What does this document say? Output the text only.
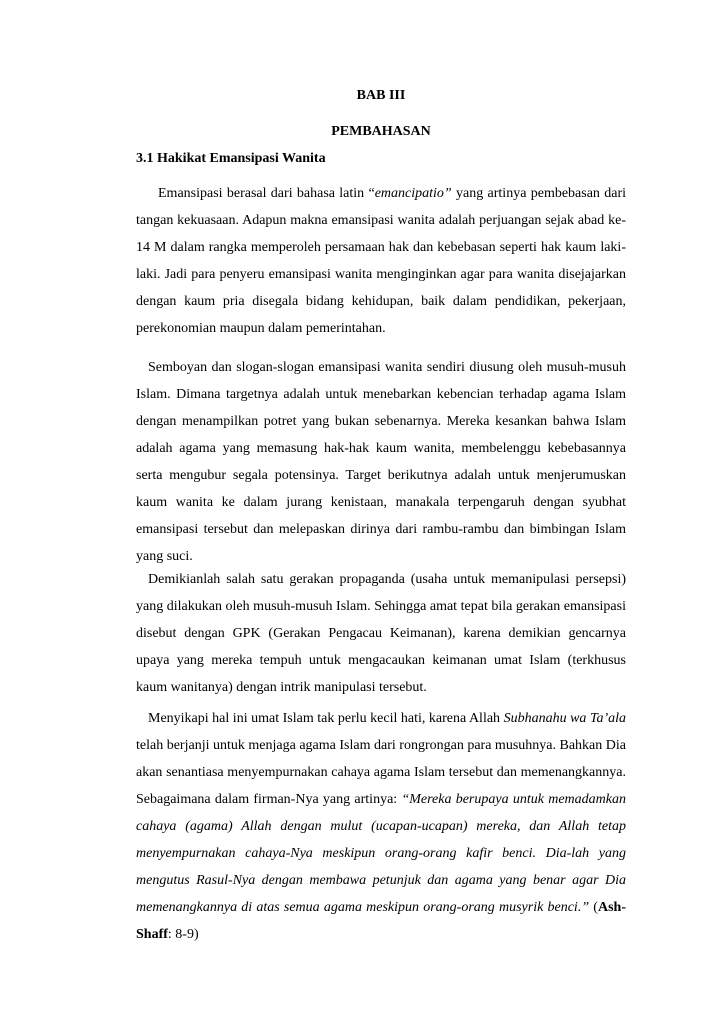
BAB III
PEMBAHASAN
3.1 Hakikat Emansipasi Wanita

Emansipasi berasal dari bahasa latin “emancipatio” yang artinya pembebasan dari tangan kekuasaan. Adapun makna emansipasi wanita adalah perjuangan sejak abad ke-14 M dalam rangka memperoleh persamaan hak dan kebebasan seperti hak kaum laki-laki. Jadi para penyeru emansipasi wanita menginginkan agar para wanita disejajarkan dengan kaum pria disegala bidang kehidupan, baik dalam pendidikan, pekerjaan, perekonomian maupun dalam pemerintahan.

Semboyan dan slogan-slogan emansipasi wanita sendiri diusung oleh musuh-musuh Islam. Dimana targetnya adalah untuk menebarkan kebencian terhadap agama Islam dengan menampilkan potret yang bukan sebenarnya. Mereka kesankan bahwa Islam adalah agama yang memasung hak-hak kaum wanita, membelenggu kebebasannya serta mengubur segala potensinya. Target berikutnya adalah untuk menjerumuskan kaum wanita ke dalam jurang kenistaan, manakala terpengaruh dengan syubhat emansipasi tersebut dan melepaskan dirinya dari rambu-rambu dan bimbingan Islam yang suci.

Demikianlah salah satu gerakan propaganda (usaha untuk memanipulasi persepsi) yang dilakukan oleh musuh-musuh Islam. Sehingga amat tepat bila gerakan emansipasi disebut dengan GPK (Gerakan Pengacau Keimanan), karena demikian gencarnya upaya yang mereka tempuh untuk mengacaukan keimanan umat Islam (terkhusus kaum wanitanya) dengan intrik manipulasi tersebut.

Menyikapi hal ini umat Islam tak perlu kecil hati, karena Allah Subhanahu wa Ta’ala telah berjanji untuk menjaga agama Islam dari rongrongan para musuhnya. Bahkan Dia akan senantiasa menyempurnakan cahaya agama Islam tersebut dan memenangkannya. Sebagaimana dalam firman-Nya yang artinya: “Mereka berupaya untuk memadamkan cahaya (agama) Allah dengan mulut (ucapan-ucapan) mereka, dan Allah tetap menyempurnakan cahaya-Nya meskipun orang-orang kafir benci. Dia-lah yang mengutus Rasul-Nya dengan membawa petunjuk dan agama yang benar agar Dia memenangkannya di atas semua agama meskipun orang-orang musyrik benci.” (Ash-Shaff: 8-9)
